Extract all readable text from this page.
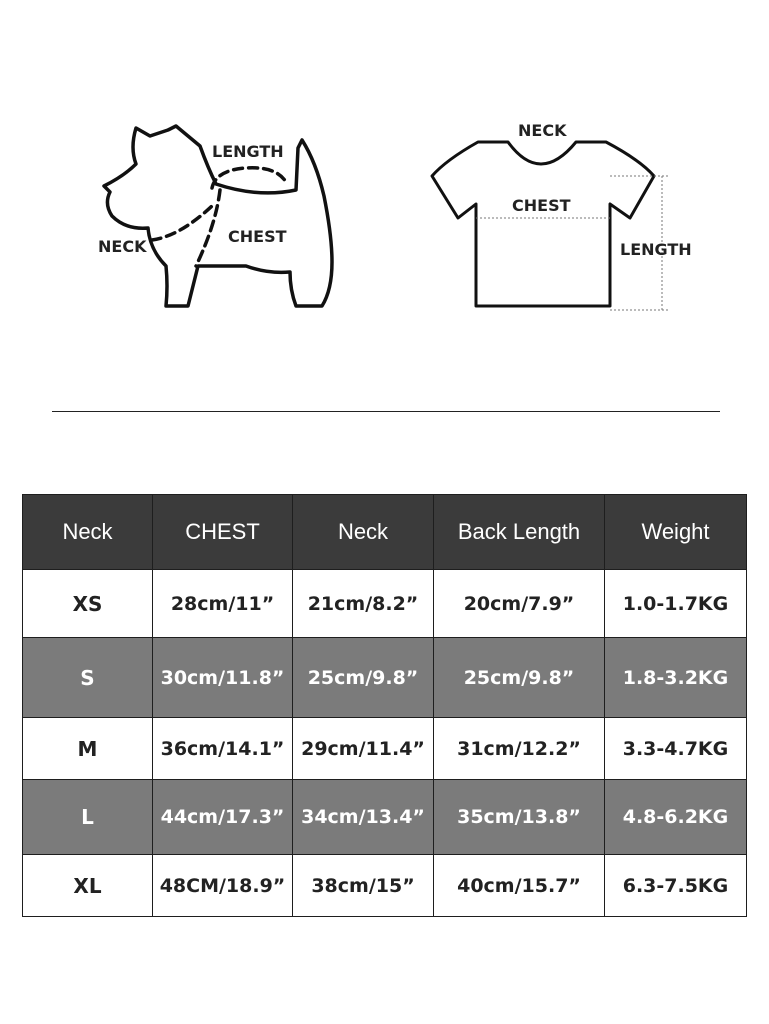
LENGTH
CHEST
NECK
NECK
CHEST
LENGTH
Neck	CHEST	Neck	Back Length	Weight
XS	28cm/11”	21cm/8.2”	20cm/7.9”	1.0-1.7KG
S	30cm/11.8”	25cm/9.8”	25cm/9.8”	1.8-3.2KG
M	36cm/14.1”	29cm/11.4”	31cm/12.2”	3.3-4.7KG
L	44cm/17.3”	34cm/13.4”	35cm/13.8”	4.8-6.2KG
XL	48CM/18.9”	38cm/15”	40cm/15.7”	6.3-7.5KG
